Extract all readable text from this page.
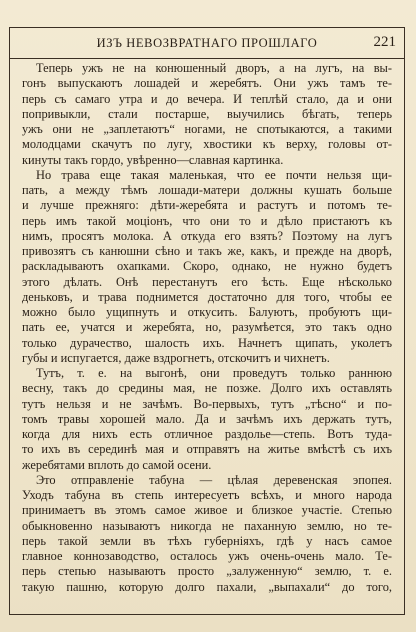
ИЗЪ НЕВОЗВРАТНАГО ПРОШЛАГО	221
Теперь ужъ не на конюшенный дворъ, а на лугъ, на вы-
гонъ выпускаютъ лошадей и жеребятъ. Они ужъ тамъ те-
перь съ самаго утра и до вечера. И теплѣй стало, да и они
попривыкли, стали постарше, выучились бѣгать, теперь
ужъ они не „заплетаютъ“ ногами, не спотыкаются, а такими
молодцами скачутъ по лугу, хвостики къ верху, головы от-
кинуты такъ гордо, увѣренно—славная картинка.
Но трава еще такая маленькая, что ее почти нельзя щи-
пать, а между тѣмъ лошади-матери должны кушать больше
и лучше прежняго: дѣти-жеребята и растутъ и потомъ те-
перь имъ такой моціонъ, что они то и дѣло пристаютъ къ
нимъ, просятъ молока. А откуда его взять? Поэтому на лугъ
привозятъ съ канюшни сѣно и такъ же, какъ, и прежде на дворѣ,
раскладываютъ охапками. Скоро, однако, не нужно будетъ
этого дѣлать. Онѣ перестанутъ его ѣсть. Еще нѣсколько
деньковъ, и трава поднимется достаточно для того, чтобы ее
можно было ущипнуть и откусить. Балуютъ, пробуютъ щи-
пать ее, учатся и жеребята, но, разумѣется, это такъ одно
только дурачество, шалость ихъ. Начнетъ щипать, уколетъ
губы и испугается, даже вздрогнетъ, отскочитъ и чихнетъ.
Тутъ, т. е. на выгонѣ, они проведутъ только раннюю
весну, такъ до средины мая, не позже. Долго ихъ оставлять
тутъ нельзя и не зачѣмъ. Во-первыхъ, тутъ „тѣсно“ и по-
томъ травы хорошей мало. Да и зачѣмъ ихъ держать тутъ,
когда для нихъ есть отличное раздолье—степь. Вотъ туда-
то ихъ въ серединѣ мая и отправятъ на житье вмѣстѣ съ ихъ
жеребятами вплоть до самой осени.
Это отправленіе табуна — цѣлая деревенская эпопея.
Уходъ табуна въ степь интересуетъ всѣхъ, и много народа
принимаетъ въ этомъ самое живое и близкое участіе. Степью
обыкновенно называютъ никогда не паханную землю, но те-
перь такой земли въ тѣхъ губерніяхъ, гдѣ у насъ самое
главное коннозаводство, осталось ужъ очень-очень мало. Те-
перь степью называютъ просто „залуженную“ землю, т. е.
такую пашню, которую долго пахали, „выпахали“ до того,
